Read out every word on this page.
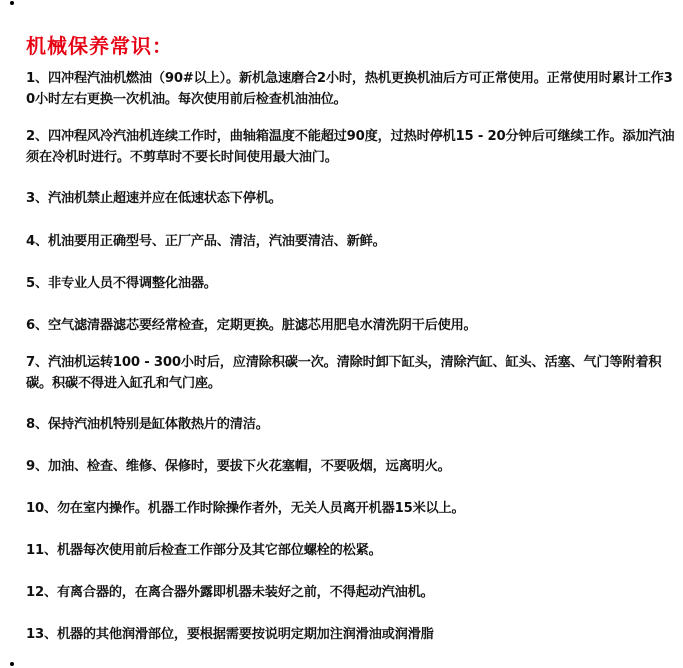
机械保养常识：

1、四冲程汽油机燃油（90#以上）。新机急速磨合2小时，热机更换机油后方可正常使用。正常使用时累计工作30小时左右更换一次机油。每次使用前后检查机油油位。

2、四冲程风冷汽油机连续工作时，曲轴箱温度不能超过90度，过热时停机15 - 20分钟后可继续工作。添加汽油须在冷机时进行。不剪草时不要长时间使用最大油门。

3、汽油机禁止超速并应在低速状态下停机。

4、机油要用正确型号、正厂产品、清洁，汽油要清洁、新鲜。

5、非专业人员不得调整化油器。

6、空气滤清器滤芯要经常检查，定期更换。脏滤芯用肥皂水清洗阴干后使用。

7、汽油机运转100 - 300小时后，应清除积碳一次。清除时卸下缸头，清除汽缸、缸头、活塞、气门等附着积碳。积碳不得进入缸孔和气门座。

8、保持汽油机特别是缸体散热片的清洁。

9、加油、检查、维修、保修时，要拔下火花塞帽，不要吸烟，远离明火。

10、勿在室内操作。机器工作时除操作者外，无关人员离开机器15米以上。

11、机器每次使用前后检查工作部分及其它部位螺栓的松紧。

12、有离合器的，在离合器外露即机器未装好之前，不得起动汽油机。

13、机器的其他润滑部位，要根据需要按说明定期加注润滑油或润滑脂
